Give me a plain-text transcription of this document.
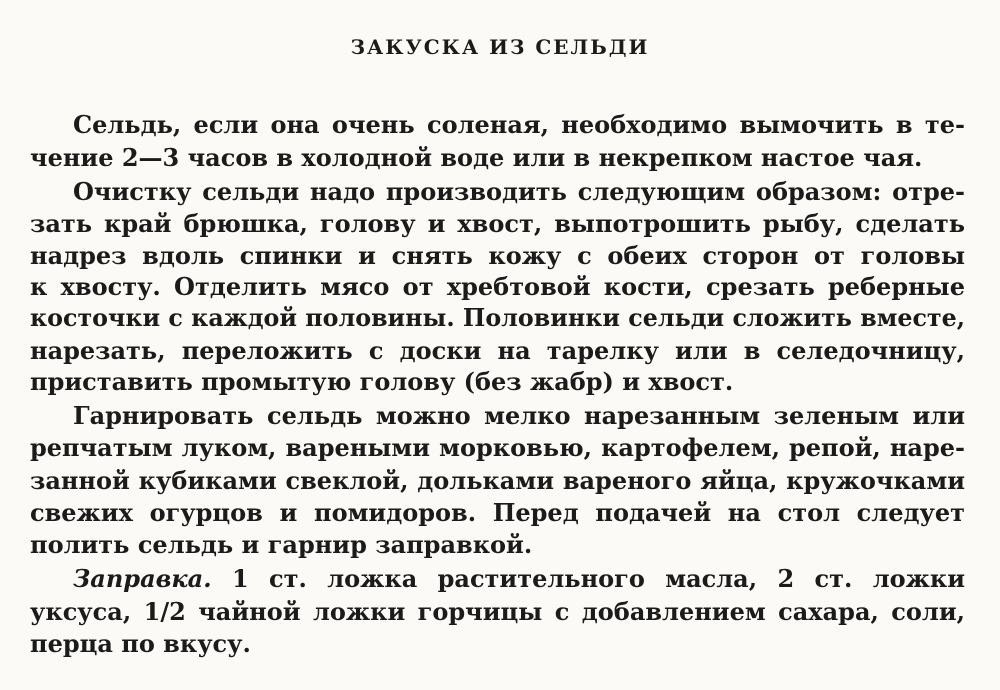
ЗАКУСКА ИЗ СЕЛЬДИ

Сельдь, если она очень соленая, необходимо вымочить в те-

чение 2—3 часов в холодной воде или в некрепком настое чая.

Очистку сельди надо производить следующим образом: отре-

зать край брюшка, голову и хвост, выпотрошить рыбу, сделать

надрез вдоль спинки и снять кожу с обеих сторон от головы

к хвосту. Отделить мясо от хребтовой кости, срезать реберные

косточки с каждой половины. Половинки сельди сложить вместе,

нарезать, переложить с доски на тарелку или в селедочницу,

приставить промытую голову (без жабр) и хвост.

Гарнировать сельдь можно мелко нарезанным зеленым или

репчатым луком, вареными морковью, картофелем, репой, наре-

занной кубиками свеклой, дольками вареного яйца, кружочками

свежих огурцов и помидоров. Перед подачей на стол следует

полить сельдь и гарнир заправкой.

Заправка. 1 ст. ложка растительного масла, 2 ст. ложки

уксуса, 1/2 чайной ложки горчицы с добавлением сахара, соли,

перца по вкусу.
